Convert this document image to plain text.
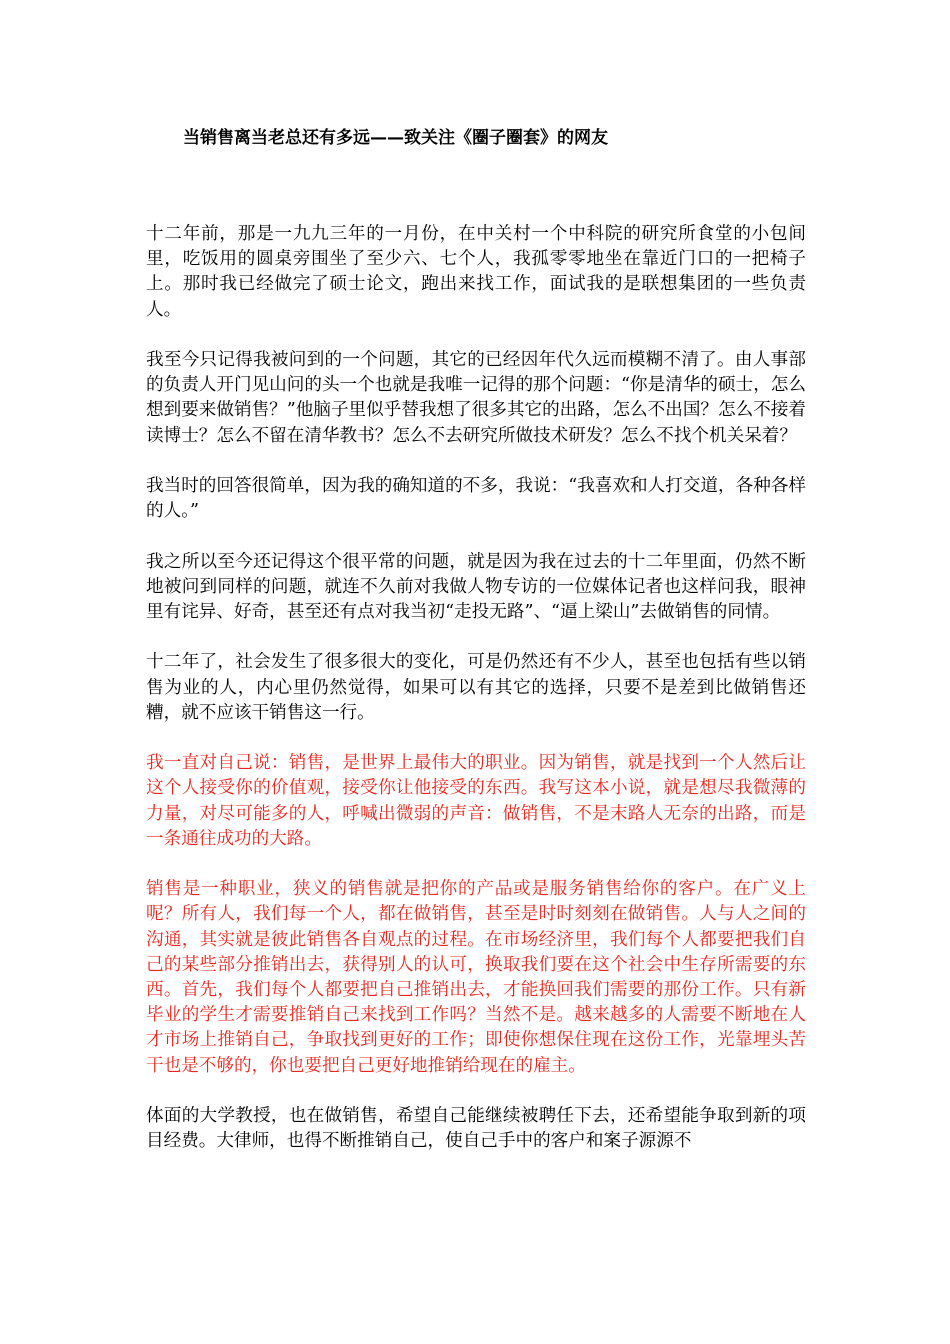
当销售离当老总还有多远——致关注《圈子圈套》的网友

十二年前，那是一九九三年的一月份，在中关村一个中科院的研究所食堂的小包间里，吃饭用的圆桌旁围坐了至少六、七个人，我孤零零地坐在靠近门口的一把椅子上。那时我已经做完了硕士论文，跑出来找工作，面试我的是联想集团的一些负责人。

我至今只记得我被问到的一个问题，其它的已经因年代久远而模糊不清了。由人事部的负责人开门见山问的头一个也就是我唯一记得的那个问题：“你是清华的硕士，怎么想到要来做销售？”他脑子里似乎替我想了很多其它的出路，怎么不出国？怎么不接着读博士？怎么不留在清华教书？怎么不去研究所做技术研发？怎么不找个机关呆着？

我当时的回答很简单，因为我的确知道的不多，我说：“我喜欢和人打交道，各种各样的人。”

我之所以至今还记得这个很平常的问题，就是因为我在过去的十二年里面，仍然不断地被问到同样的问题，就连不久前对我做人物专访的一位媒体记者也这样问我，眼神里有诧异、好奇，甚至还有点对我当初“走投无路”、“逼上梁山”去做销售的同情。

十二年了，社会发生了很多很大的变化，可是仍然还有不少人，甚至也包括有些以销售为业的人，内心里仍然觉得，如果可以有其它的选择，只要不是差到比做销售还糟，就不应该干销售这一行。

我一直对自己说：销售，是世界上最伟大的职业。因为销售，就是找到一个人然后让这个人接受你的价值观，接受你让他接受的东西。我写这本小说，就是想尽我微薄的力量，对尽可能多的人，呼喊出微弱的声音：做销售，不是末路人无奈的出路，而是一条通往成功的大路。

销售是一种职业，狭义的销售就是把你的产品或是服务销售给你的客户。在广义上呢？所有人，我们每一个人，都在做销售，甚至是时时刻刻在做销售。人与人之间的沟通，其实就是彼此销售各自观点的过程。在市场经济里，我们每个人都要把我们自己的某些部分推销出去，获得别人的认可，换取我们要在这个社会中生存所需要的东西。首先，我们每个人都要把自己推销出去，才能换回我们需要的那份工作。只有新毕业的学生才需要推销自己来找到工作吗？当然不是。越来越多的人需要不断地在人才市场上推销自己，争取找到更好的工作；即使你想保住现在这份工作，光靠埋头苦干也是不够的，你也要把自己更好地推销给现在的雇主。

体面的大学教授，也在做销售，希望自己能继续被聘任下去，还希望能争取到新的项目经费。大律师，也得不断推销自己，使自己手中的客户和案子源源不
